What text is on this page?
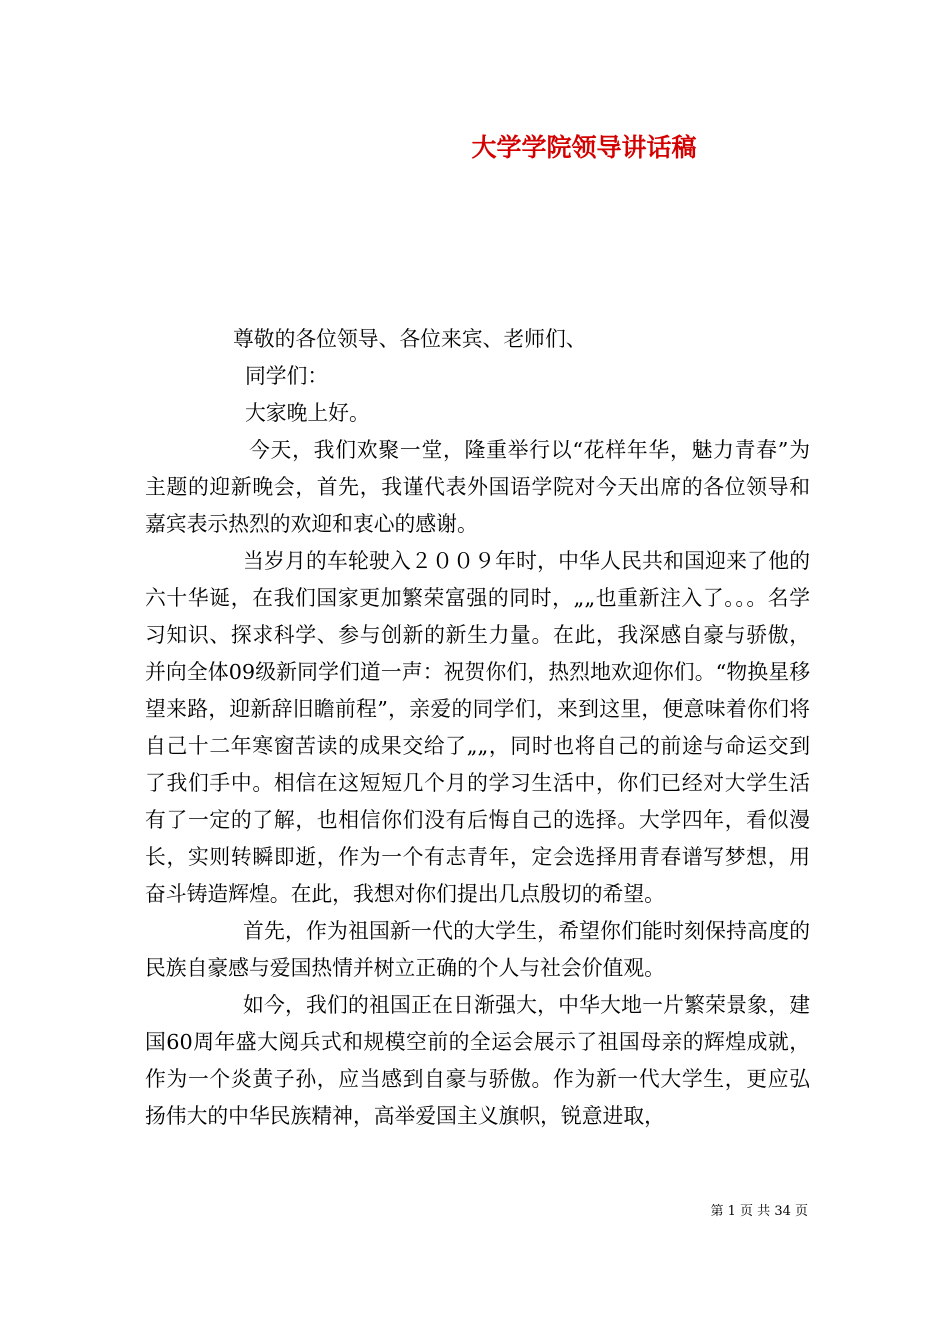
大学学院领导讲话稿

尊敬的各位领导、各位来宾、老师们、

同学们：

大家晚上好。

今天，我们欢聚一堂，隆重举行以“花样年华，魅力青春”为主题的迎新晚会，首先，我谨代表外国语学院对今天出席的各位领导和嘉宾表示热烈的欢迎和衷心的感谢。

当岁月的车轮驶入２００９年时，中华人民共和国迎来了他的六十华诞，在我们国家更加繁荣富强的同时，„„也重新注入了。。。名学习知识、探求科学、参与创新的新生力量。在此，我深感自豪与骄傲，并向全体09级新同学们道一声：祝贺你们，热烈地欢迎你们。“物换星移望来路，迎新辞旧瞻前程”，亲爱的同学们，来到这里，便意味着你们将自己十二年寒窗苦读的成果交给了„„，同时也将自己的前途与命运交到了我们手中。相信在这短短几个月的学习生活中，你们已经对大学生活有了一定的了解，也相信你们没有后悔自己的选择。大学四年，看似漫长，实则转瞬即逝，作为一个有志青年，定会选择用青春谱写梦想，用奋斗铸造辉煌。在此，我想对你们提出几点殷切的希望。

首先，作为祖国新一代的大学生，希望你们能时刻保持高度的民族自豪感与爱国热情并树立正确的个人与社会价值观。

如今，我们的祖国正在日渐强大，中华大地一片繁荣景象，建国60周年盛大阅兵式和规模空前的全运会展示了祖国母亲的辉煌成就，作为一个炎黄子孙，应当感到自豪与骄傲。作为新一代大学生，更应弘扬伟大的中华民族精神，高举爱国主义旗帜，锐意进取，

第 1 页 共 34 页
